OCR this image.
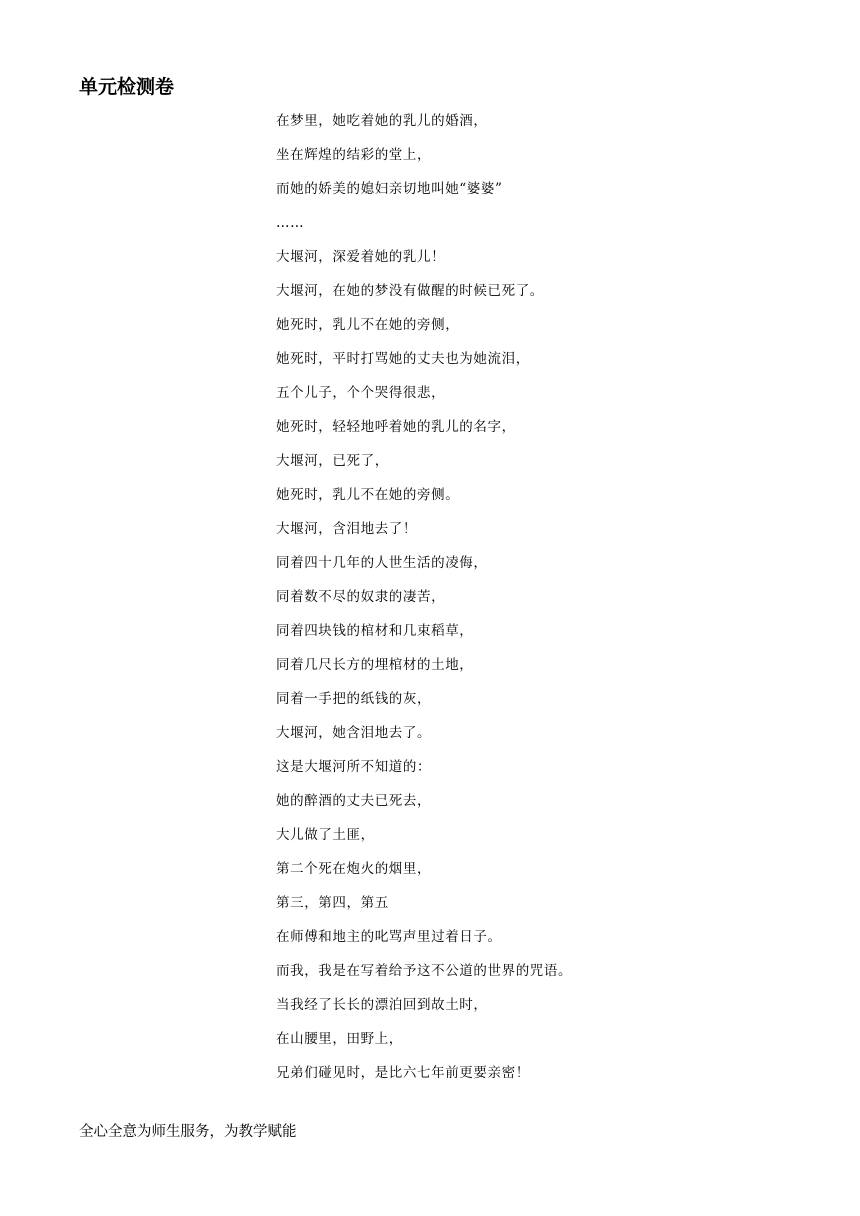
单元检测卷
在梦里，她吃着她的乳儿的婚酒，
坐在辉煌的结彩的堂上，
而她的娇美的媳妇亲切地叫她“婆婆”
……
大堰河，深爱着她的乳儿！
大堰河，在她的梦没有做醒的时候已死了。
她死时，乳儿不在她的旁侧，
她死时，平时打骂她的丈夫也为她流泪，
五个儿子，个个哭得很悲，
她死时，轻轻地呼着她的乳儿的名字，
大堰河，已死了，
她死时，乳儿不在她的旁侧。
大堰河，含泪地去了！
同着四十几年的人世生活的凌侮，
同着数不尽的奴隶的凄苦，
同着四块钱的棺材和几束稻草，
同着几尺长方的埋棺材的土地，
同着一手把的纸钱的灰，
大堰河，她含泪地去了。
这是大堰河所不知道的：
她的醉酒的丈夫已死去，
大儿做了土匪，
第二个死在炮火的烟里，
第三，第四，第五
在师傅和地主的叱骂声里过着日子。
而我，我是在写着给予这不公道的世界的咒语。
当我经了长长的漂泊回到故土时，
在山腰里，田野上，
兄弟们碰见时，是比六七年前更要亲密！
全心全意为师生服务，为教学赋能
